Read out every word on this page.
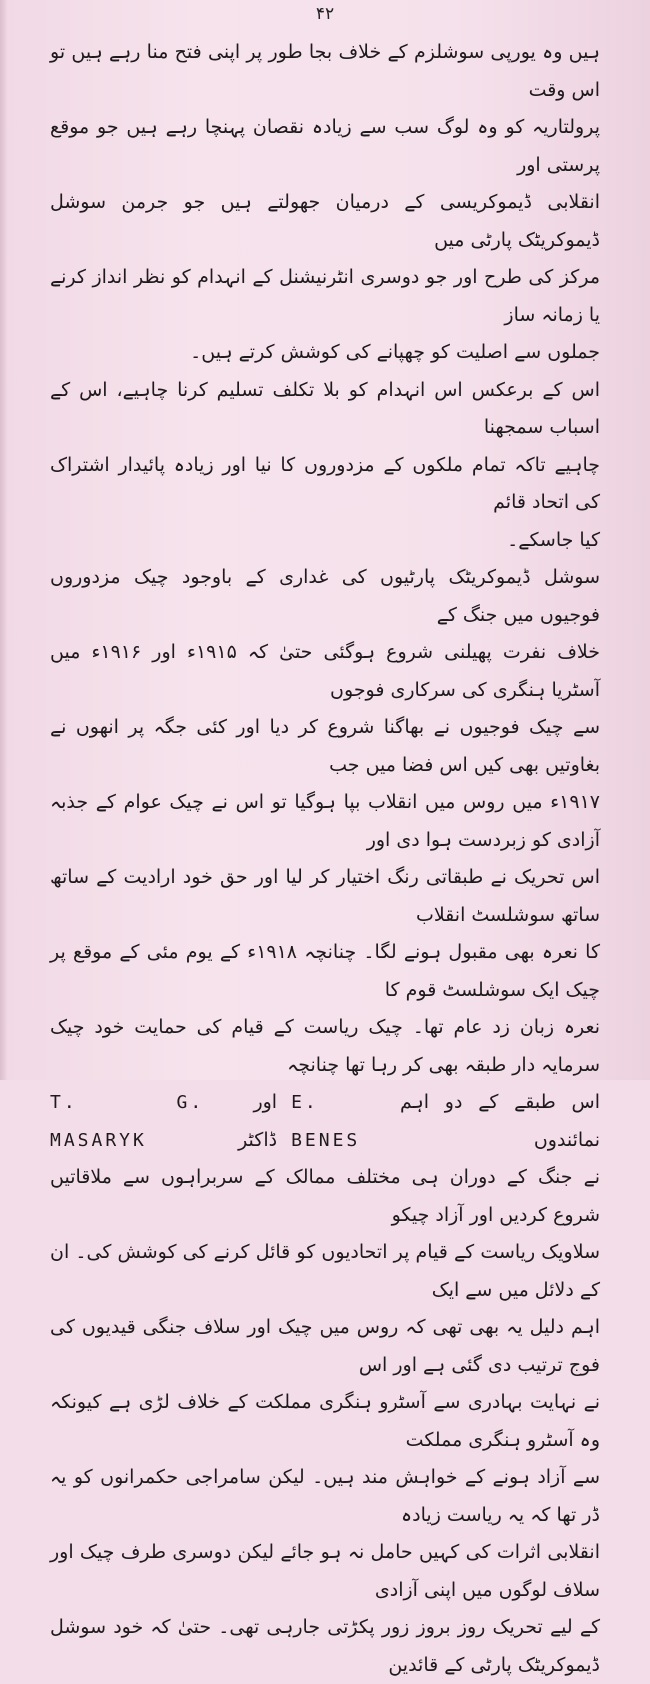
۴۲

ہیں وہ یورپی سوشلزم کے خلاف بجا طور پر اپنی فتح منا رہے ہیں تو اس وقت

پرولتاریہ کو وہ لوگ سب سے زیادہ نقصان پہنچا رہے ہیں جو موقع پرستی اور

انقلابی ڈیموکریسی کے درمیان جھولتے ہیں جو جرمن سوشل ڈیموکریٹک پارٹی میں

مرکز کی طرح اور جو دوسری انٹرنیشنل کے انہدام کو نظر انداز کرنے یا زمانہ ساز

جملوں سے اصلیت کو چھپانے کی کوشش کرتے ہیں۔

اس کے برعکس اس انہدام کو بلا تکلف تسلیم کرنا چاہیے، اس کے اسباب سمجھنا

چاہیے تاکہ تمام ملکوں کے مزدوروں کا نیا اور زیادہ پائیدار اشتراک کی اتحاد قائم

کیا جاسکے۔

سوشل ڈیموکریٹک پارٹیوں کی غداری کے باوجود چیک مزدوروں فوجیوں میں جنگ کے

خلاف نفرت پھیلنی شروع ہوگئی حتیٰ کہ ۱۹۱۵ء اور ۱۹۱۶ء میں آسٹریا ہنگری کی سرکاری فوجوں

سے چیک فوجیوں نے بھاگنا شروع کر دیا اور کئی جگہ پر انھوں نے بغاوتیں بھی کیں اس فضا میں جب

۱۹۱۷ء میں روس میں انقلاب بپا ہوگیا تو اس نے چیک عوام کے جذبہ آزادی کو زبردست ہوا دی اور

اس تحریک نے طبقاتی رنگ اختیار کر لیا اور حق خود ارادیت کے ساتھ ساتھ سوشلسٹ انقلاب

کا نعرہ بھی مقبول ہونے لگا۔ چنانچہ ۱۹۱۸ء کے یوم مئی کے موقع پر چیک ایک سوشلسٹ قوم کا

نعرہ زبان زد عام تھا۔ چیک ریاست کے قیام کی حمایت خود چیک سرمایہ دار طبقہ بھی کر رہا تھا چنانچہ

اس طبقے کے دو اہم نمائندوں
E. BENES
اور ڈاکٹر
T. G. MASARYK

نے جنگ کے دوران ہی مختلف ممالک کے سربراہوں سے ملاقاتیں شروع کردیں اور آزاد چیکو

سلاویک ریاست کے قیام پر اتحادیوں کو قائل کرنے کی کوشش کی۔ ان کے دلائل میں سے ایک

اہم دلیل یہ بھی تھی کہ روس میں چیک اور سلاف جنگی قیدیوں کی فوج ترتیب دی گئی ہے اور اس

نے نہایت بہادری سے آسٹرو ہنگری مملکت کے خلاف لڑی ہے کیونکہ وہ آسٹرو ہنگری مملکت

سے آزاد ہونے کے خواہش مند ہیں۔ لیکن سامراجی حکمرانوں کو یہ ڈر تھا کہ یہ ریاست زیادہ

انقلابی اثرات کی کہیں حامل نہ ہو جائے لیکن دوسری طرف چیک اور سلاف لوگوں میں اپنی آزادی

کے لیے تحریک روز بروز زور پکڑتی جارہی تھی۔ حتیٰ کہ خود سوشل ڈیموکریٹک پارٹی کے قائدین
